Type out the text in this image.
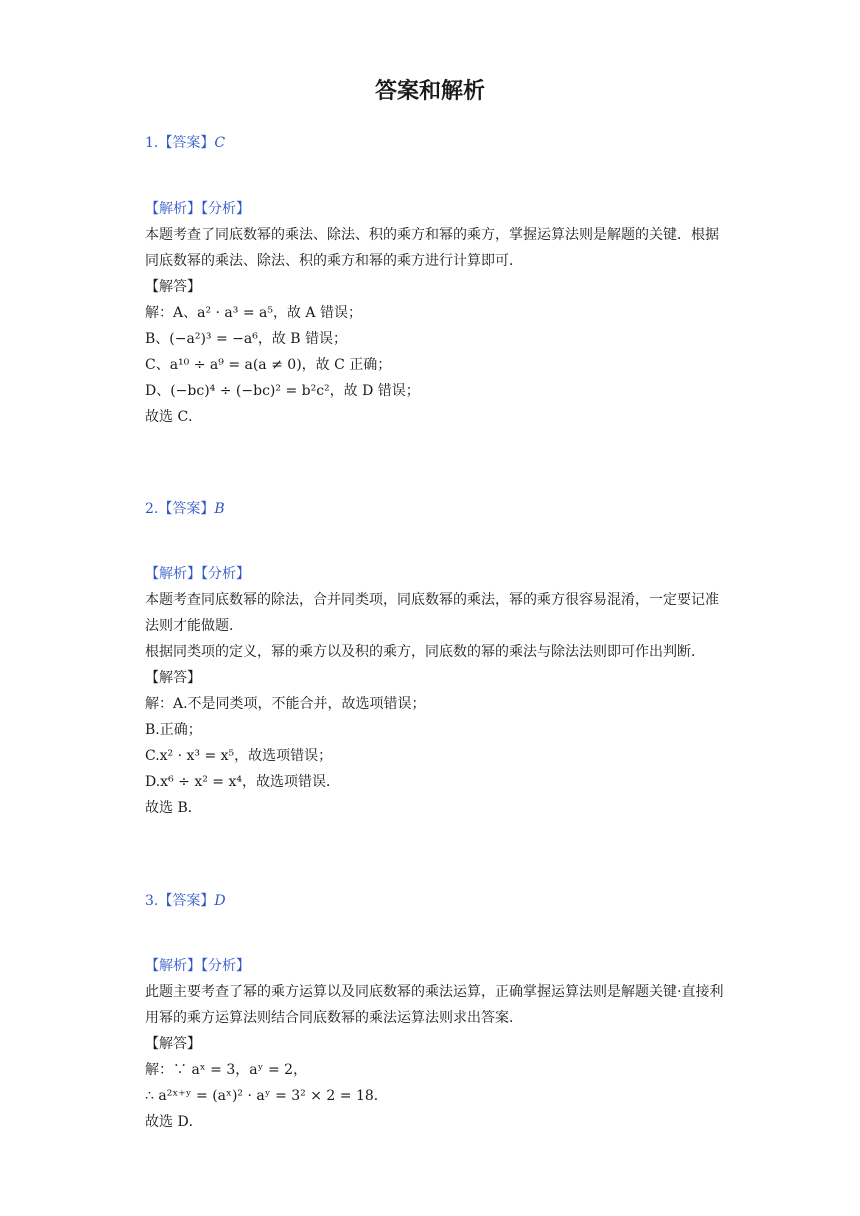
答案和解析
1.【答案】C
【解析】【分析】
本题考查了同底数幂的乘法、除法、积的乘方和幂的乘方，掌握运算法则是解题的关键．根据同底数幂的乘法、除法、积的乘方和幂的乘方进行计算即可．
【解答】
解：A、a² · a³ = a⁵，故 A 错误；
B、(−a²)³ = −a⁶，故 B 错误；
C、a¹⁰ ÷ a⁹ = a(a ≠ 0)，故 C 正确；
D、(−bc)⁴ ÷ (−bc)² = b²c²，故 D 错误；
故选 C．
2.【答案】B
【解析】【分析】
本题考查同底数幂的除法，合并同类项，同底数幂的乘法，幂的乘方很容易混淆，一定要记准法则才能做题．
根据同类项的定义，幂的乘方以及积的乘方，同底数的幂的乘法与除法法则即可作出判断．
【解答】
解：A.不是同类项，不能合并，故选项错误；
B.正确；
C.x² · x³ = x⁵，故选项错误；
D.x⁶ ÷ x² = x⁴，故选项错误．
故选 B．
3.【答案】D
【解析】【分析】
此题主要考查了幂的乘方运算以及同底数幂的乘法运算，正确掌握运算法则是解题关键·直接利用幂的乘方运算法则结合同底数幂的乘法运算法则求出答案．
【解答】
解：∵ aˣ = 3，aʸ = 2，
∴ a²ˣ⁺ʸ = (aˣ)² · aʸ = 3² × 2 = 18．
故选 D．
